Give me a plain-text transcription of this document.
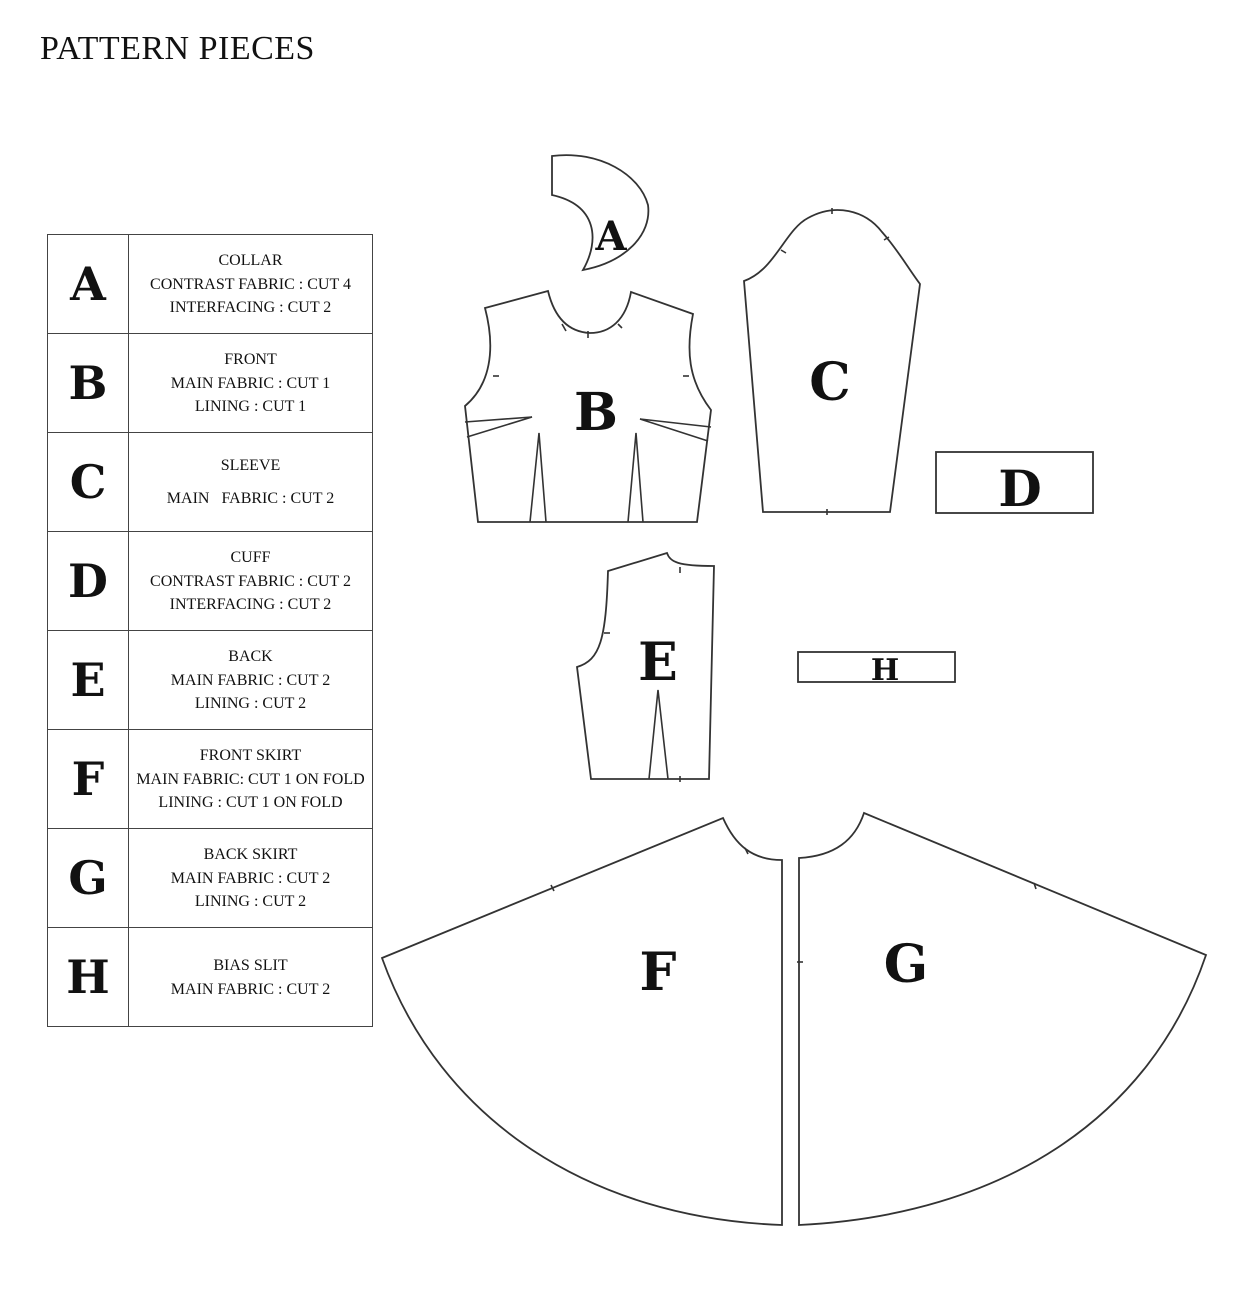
PATTERN PIECES
A	COLLAR
CONTRAST FABRIC : CUT 4
INTERFACING : CUT 2

B	FRONT
MAIN FABRIC : CUT 1
LINING : CUT 1

C	SLEEVE
MAIN   FABRIC : CUT 2

D	CUFF
CONTRAST FABRIC : CUT 2
INTERFACING : CUT 2

E	BACK
MAIN FABRIC : CUT 2
LINING : CUT 2

F	FRONT SKIRT
MAIN FABRIC: CUT 1 ON FOLD
LINING : CUT 1 ON FOLD

G	BACK SKIRT
MAIN FABRIC : CUT 2
LINING : CUT 2

H	BIAS SLIT
MAIN FABRIC : CUT 2
A
B	C
D
E	H
F	G
